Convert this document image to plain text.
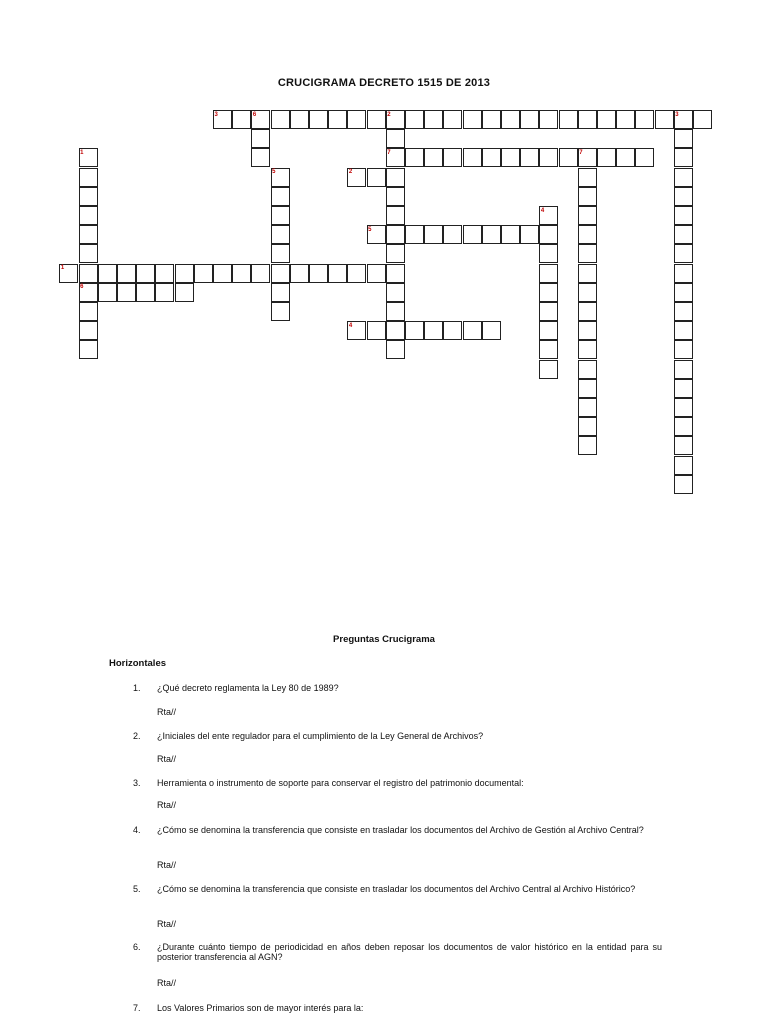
CRUCIGRAMA DECRETO 1515 DE 2013
3
7
2
5
1
6
4
6	2	3
1	7
5
4
Preguntas Crucigrama
Horizontales
1.	¿Qué decreto reglamenta la Ley 80 de 1989?
Rta//
2.	¿Iniciales del ente regulador para el cumplimiento de la Ley General de Archivos?
Rta//
3.	Herramienta o instrumento de soporte para conservar el registro del patrimonio documental:
Rta//
4.	¿Cómo se denomina la transferencia que consiste en trasladar los documentos del Archivo de Gestión al Archivo Central?
Rta//
5.	¿Cómo se denomina la transferencia que consiste en trasladar los documentos del Archivo Central al Archivo Histórico?
Rta//
6.	¿Durante cuánto tiempo de periodicidad en años deben reposar los documentos de valor histórico en la entidad para su posterior transferencia al AGN?
Rta//
7.	Los Valores Primarios son de mayor interés para la:
